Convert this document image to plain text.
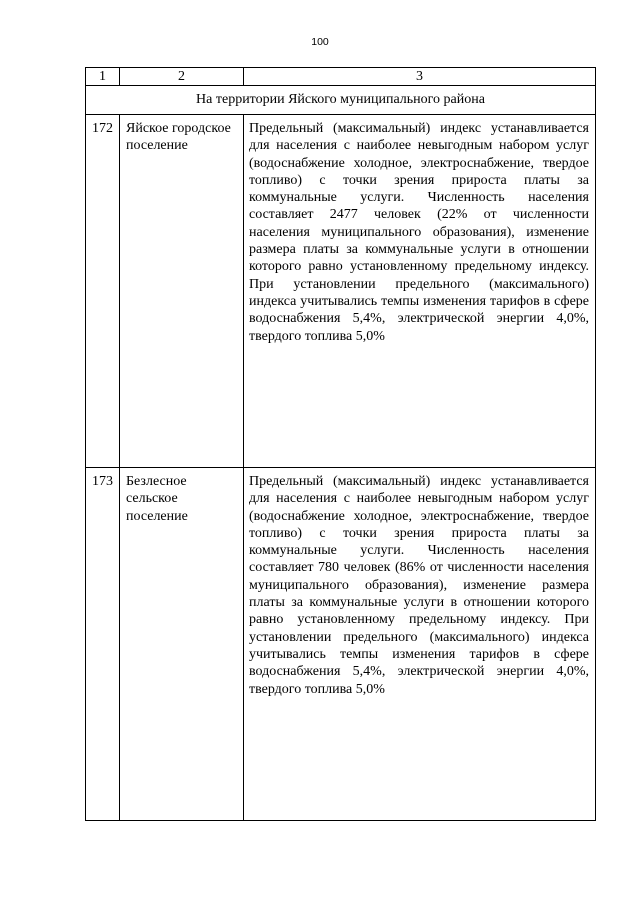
100
1	2	3
На территории Яйского муниципального района		
172	Яйское городское поселение	Предельный (максимальный) индекс устанавливается для населения с наиболее невыгодным набором услуг (водоснабжение холодное, электроснабжение, твердое топливо) с точки зрения прироста платы за коммунальные услуги. Численность населения составляет 2477 человек (22% от численности населения муниципального образования), изменение размера платы за коммунальные услуги в отношении которого равно установленному предельному индексу. При установлении предельного (максимального) индекса учитывались темпы изменения тарифов в сфере водоснабжения 5,4%, электрической энергии 4,0%, твердого топлива 5,0%
173	Безлесное сельское поселение	Предельный (максимальный) индекс устанавливается для населения с наиболее невыгодным набором услуг (водоснабжение холодное, электроснабжение, твердое топливо) с точки зрения прироста платы за коммунальные услуги. Численность населения составляет 780 человек (86% от численности населения муниципального образования), изменение размера платы за коммунальные услуги в отношении которого равно установленному предельному индексу. При установлении предельного (максимального) индекса учитывались темпы изменения тарифов в сфере водоснабжения 5,4%, электрической энергии 4,0%, твердого топлива 5,0%
